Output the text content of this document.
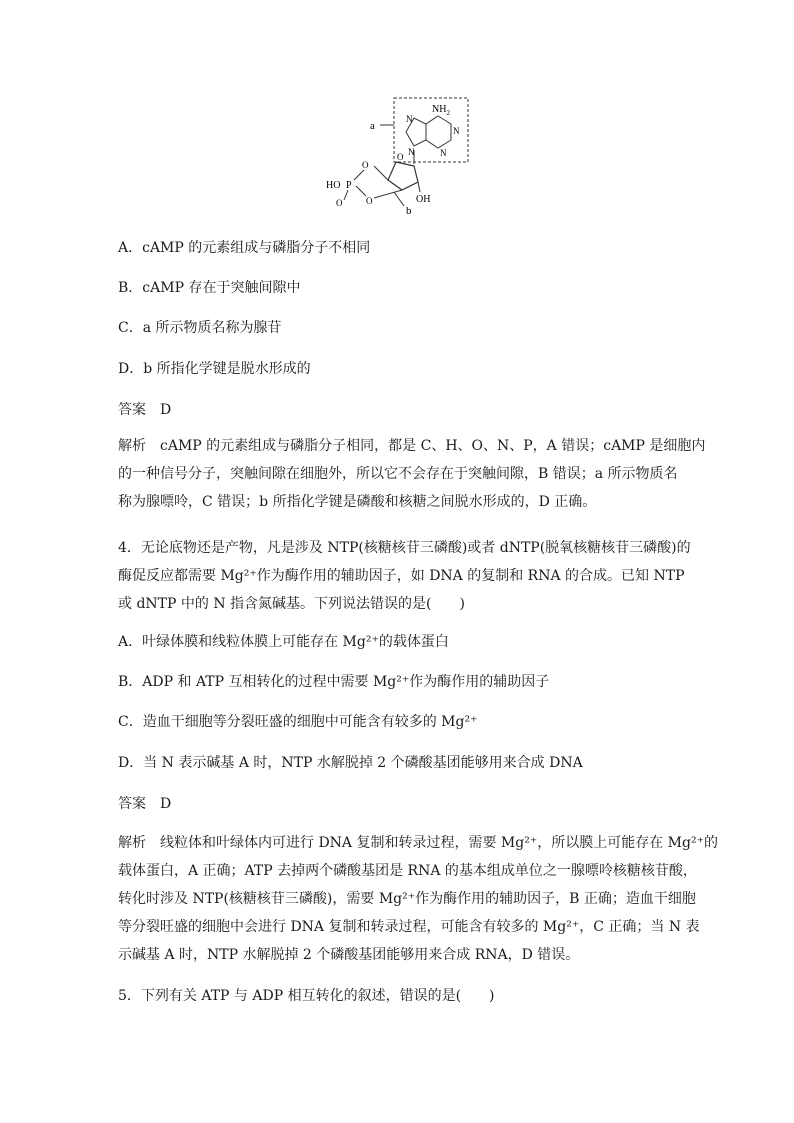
a
$NH_2$
N
N
N
N
O
OH
O
P
HO
O	O
b
A．cAMP 的元素组成与磷脂分子不相同
B．cAMP 存在于突触间隙中
C．a 所示物质名称为腺苷
D．b 所指化学键是脱水形成的
答案 D
解析 cAMP 的元素组成与磷脂分子相同，都是 C、H、O、N、P，A 错误；cAMP 是细胞内
的一种信号分子，突触间隙在细胞外，所以它不会存在于突触间隙，B 错误；a 所示物质名
称为腺嘌呤，C 错误；b 所指化学键是磷酸和核糖之间脱水形成的，D 正确。
4．无论底物还是产物，凡是涉及 NTP(核糖核苷三磷酸)或者 dNTP(脱氧核糖核苷三磷酸)的
酶促反应都需要 Mg²⁺作为酶作用的辅助因子，如 DNA 的复制和 RNA 的合成。已知 NTP
或 dNTP 中的 N 指含氮碱基。下列说法错误的是(　　)
A．叶绿体膜和线粒体膜上可能存在 Mg²⁺的载体蛋白
B．ADP 和 ATP 互相转化的过程中需要 Mg²⁺作为酶作用的辅助因子
C．造血干细胞等分裂旺盛的细胞中可能含有较多的 Mg²⁺
D．当 N 表示碱基 A 时，NTP 水解脱掉 2 个磷酸基团能够用来合成 DNA
答案 D
解析 线粒体和叶绿体内可进行 DNA 复制和转录过程，需要 Mg²⁺，所以膜上可能存在 Mg²⁺的
载体蛋白，A 正确；ATP 去掉两个磷酸基团是 RNA 的基本组成单位之一腺嘌呤核糖核苷酸，
转化时涉及 NTP(核糖核苷三磷酸)，需要 Mg²⁺作为酶作用的辅助因子，B 正确；造血干细胞
等分裂旺盛的细胞中会进行 DNA 复制和转录过程，可能含有较多的 Mg²⁺，C 正确；当 N 表
示碱基 A 时，NTP 水解脱掉 2 个磷酸基团能够用来合成 RNA，D 错误。
5．下列有关 ATP 与 ADP 相互转化的叙述，错误的是(　　)
